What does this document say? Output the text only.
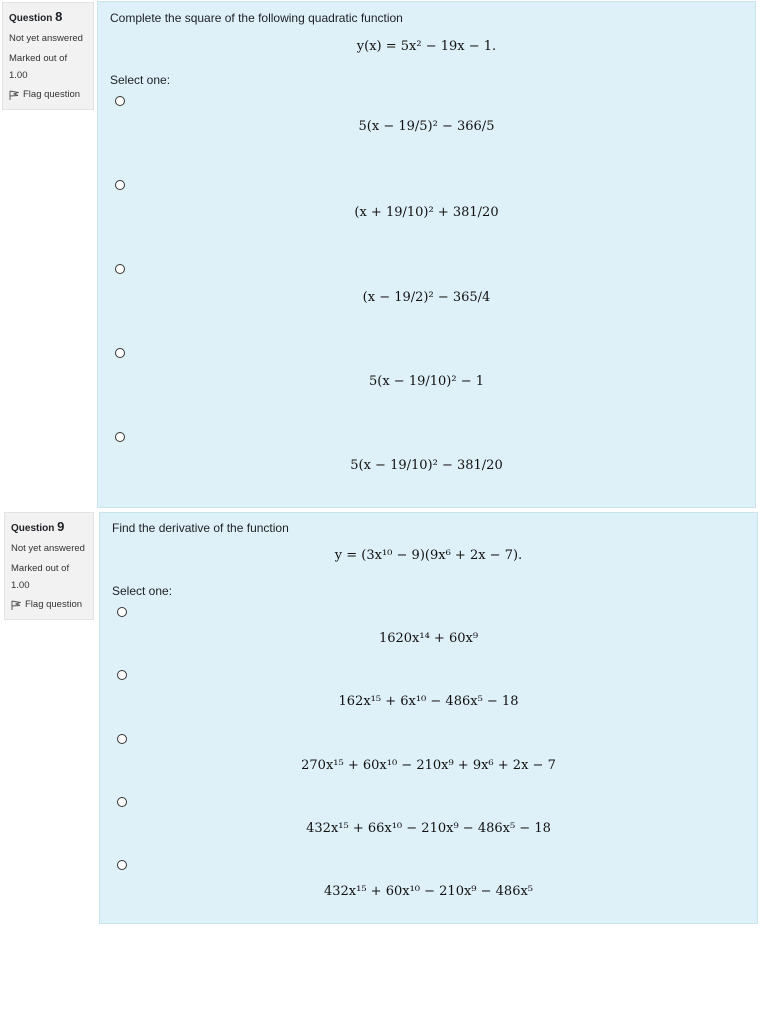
Question 8
Not yet answered
Marked out of
1.00
Flag question
Complete the square of the following quadratic function
y(x) = 5x² − 19x − 1.
Select one:
5(x − 19/5)² − 366/5
(x + 19/10)² + 381/20
(x − 19/2)² − 365/4
5(x − 19/10)² − 1
5(x − 19/10)² − 381/20
Question 9
Not yet answered
Marked out of
1.00
Flag question
Find the derivative of the function
y = (3x¹⁰ − 9)(9x⁶ + 2x − 7).
Select one:
1620x¹⁴ + 60x⁹
162x¹⁵ + 6x¹⁰ − 486x⁵ − 18
270x¹⁵ + 60x¹⁰ − 210x⁹ + 9x⁶ + 2x − 7
432x¹⁵ + 66x¹⁰ − 210x⁹ − 486x⁵ − 18
432x¹⁵ + 60x¹⁰ − 210x⁹ − 486x⁵
